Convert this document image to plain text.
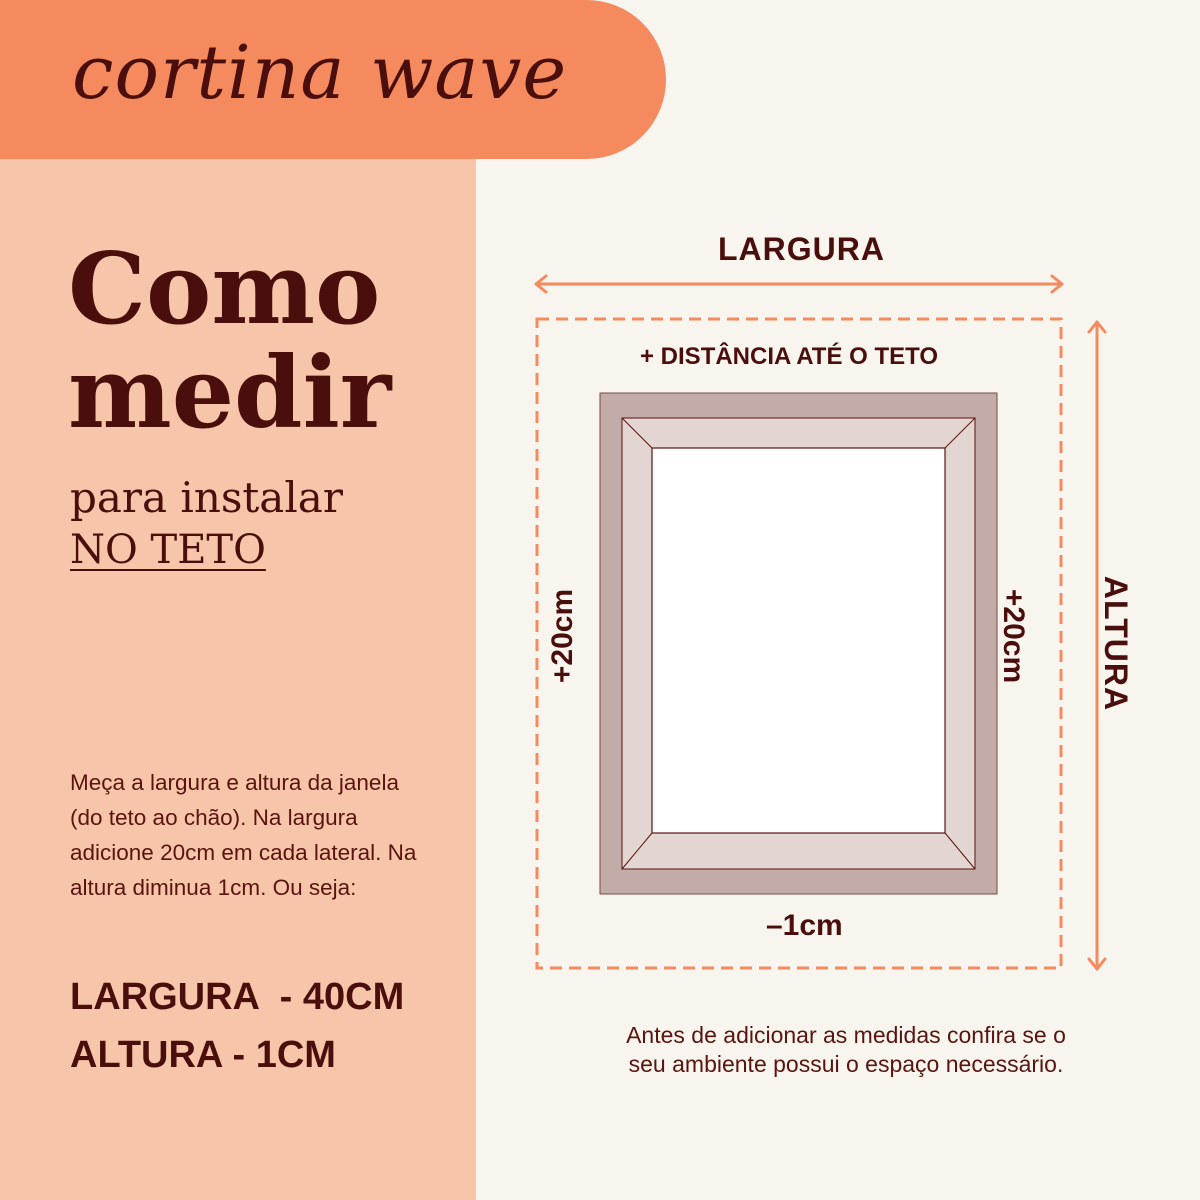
cortina wave
Como
medir
para instalar
NO TETO
Meça a largura e altura da janela (do teto ao chão). Na largura adicione 20cm em cada lateral. Na altura diminua 1cm. Ou seja:
LARGURA  - 40CM
ALTURA - 1CM
LARGURA
+ DISTÂNCIA ATÉ O TETO
+20cm	+20cm ALTURA
–1cm
Antes de adicionar as medidas confira se o
seu ambiente possui o espaço necessário.
